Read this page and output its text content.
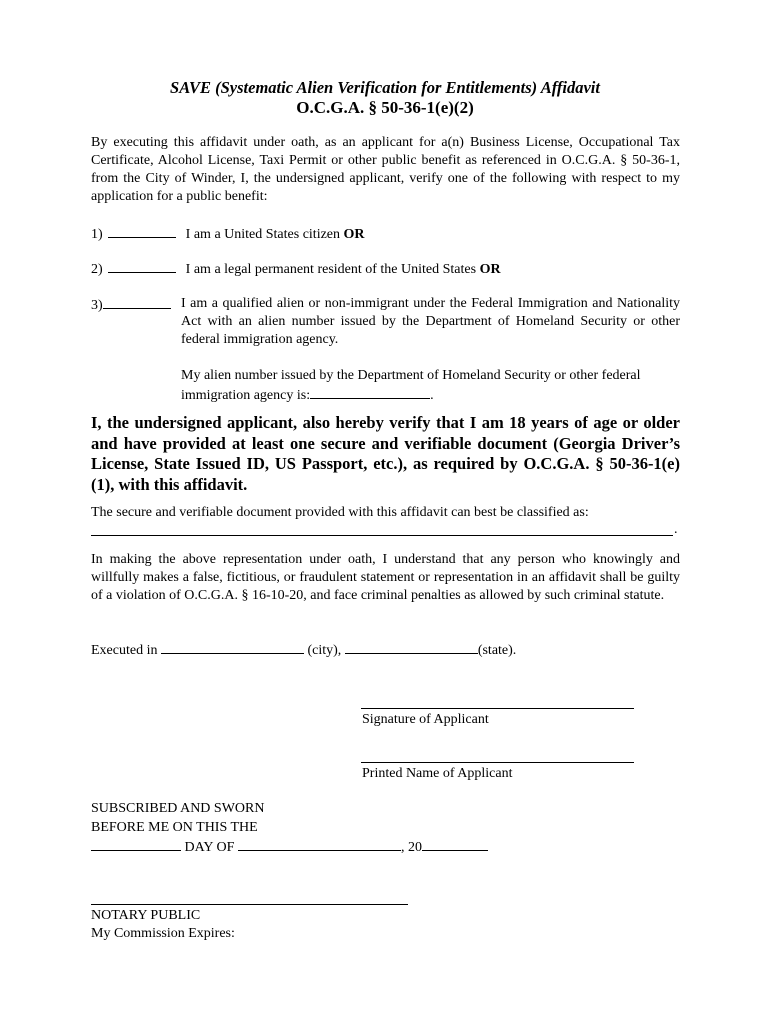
SAVE (Systematic Alien Verification for Entitlements) Affidavit
O.C.G.A. § 50-36-1(e)(2)
By executing this affidavit under oath, as an applicant for a(n) Business License, Occupational Tax Certificate, Alcohol License, Taxi Permit or other public benefit as referenced in O.C.G.A. § 50-36-1, from the City of Winder, I, the undersigned applicant, verify one of the following with respect to my application for a public benefit:
1)	I am a United States citizen OR
2)	I am a legal permanent resident of the United States OR
3)	I am a qualified alien or non-immigrant under the Federal Immigration and Nationality Act with an alien number issued by the Department of Homeland Security or other federal immigration agency.
My alien number issued by the Department of Homeland Security or other federal immigration agency is:	.
I, the undersigned applicant, also hereby verify that I am 18 years of age or older and have provided at least one secure and verifiable document (Georgia Driver’s License, State Issued ID, US Passport, etc.), as required by O.C.G.A. § 50-36-1(e)(1), with this affidavit.
The secure and verifiable document provided with this affidavit can best be classified as:
.
In making the above representation under oath, I understand that any person who knowingly and willfully makes a false, fictitious, or fraudulent statement or representation in an affidavit shall be guilty of a violation of O.C.G.A. § 16-10-20, and face criminal penalties as allowed by such criminal statute.
Executed in	(city),	(state).
Signature of Applicant
Printed Name of Applicant
SUBSCRIBED AND SWORN
BEFORE ME ON THIS THE
DAY OF	, 20
NOTARY PUBLIC
My Commission Expires:
